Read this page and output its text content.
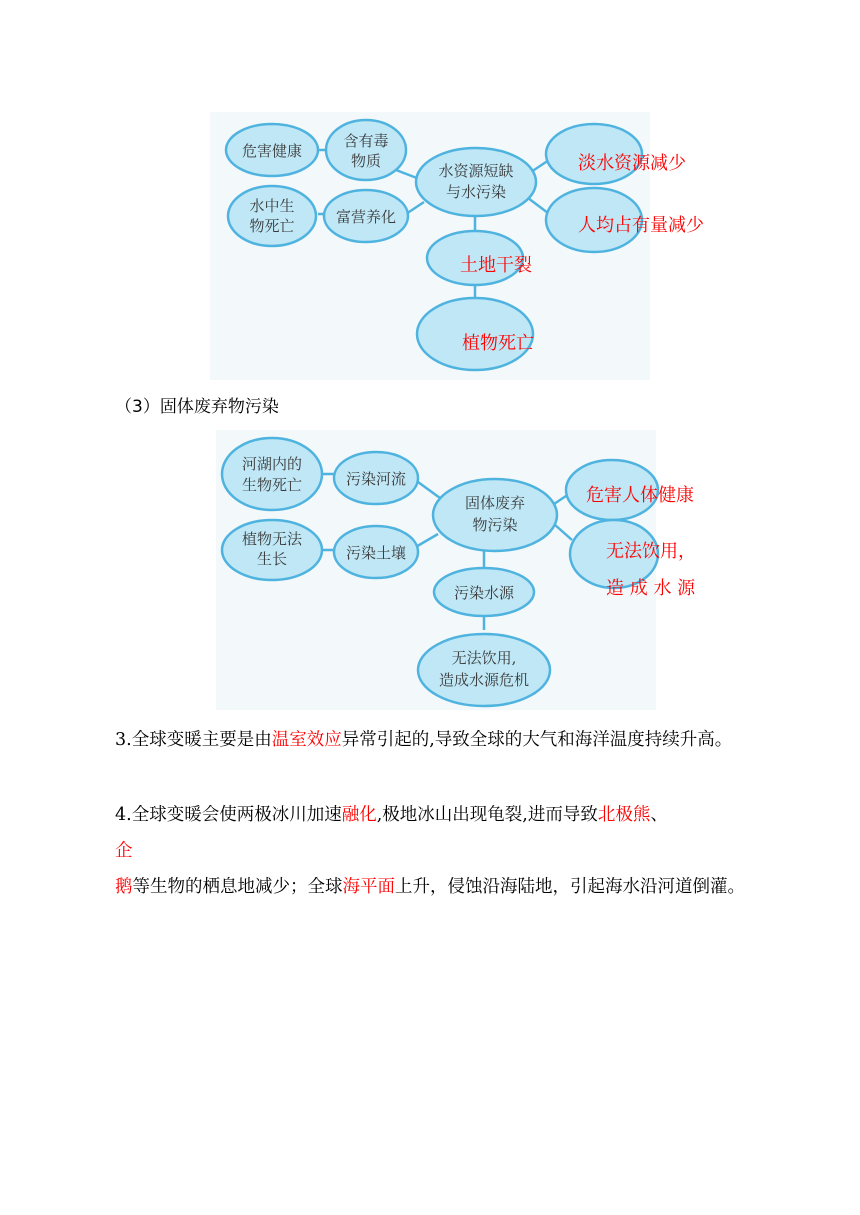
危害健康
含有毒
物质
水中生
物死亡	富营养化
水资源短缺
与水污染
淡水资源减少
人均占有量减少
土地干裂
植物死亡

（3）固体废弃物污染

河湖内的
生物死亡	污染河流
植物无法
生长	污染土壤
固体废弃
物污染
污染水源
无法饮用,
造成水源危机
危害人体健康
无法饮用，
造 成 水 源

3.全球变暖主要是由温室效应异常引起的,导致全球的大气和海洋温度持续升高。

4.全球变暖会使两极冰川加速融化,极地冰山出现龟裂,进而导致北极熊、
企

鹅等生物的栖息地减少；全球海平面上升，侵蚀沿海陆地，引起海水沿河道倒灌。
